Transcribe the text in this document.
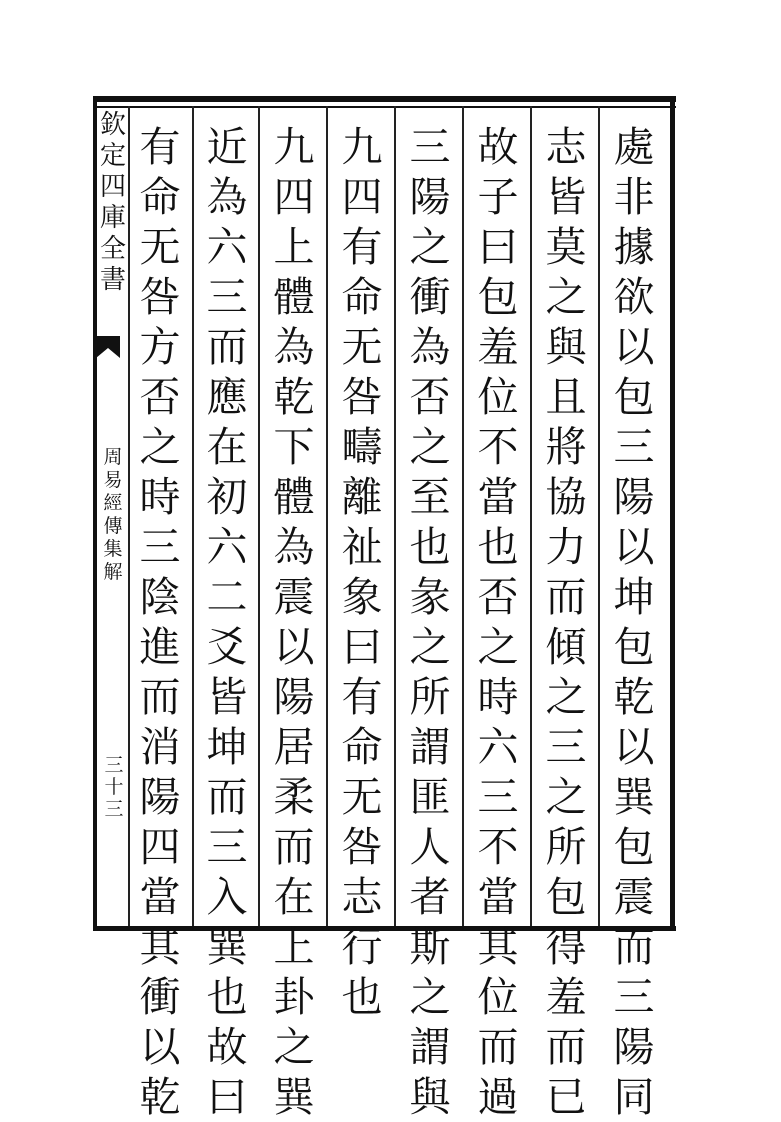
欽
定
四
庫
全
書
周
易
經
傳
集
解
三
十
三
處
非
據
欲
以
包
三
陽
以
坤
包
乾
以
巽
包
震
而
三
陽
同
志
皆
莫
之
與
且
將
協
力
而
傾
之
三
之
所
包
得
羞
而
已
故
子
曰
包
羞
位
不
當
也
否
之
時
六
三
不
當
其
位
而
過
三
陽
之
衝
為
否
之
至
也
彖
之
所
謂
匪
人
者
斯
之
謂
與
九
四
有
命
无
咎
疇
離
祉
象
曰
有
命
无
咎
志
行
也
九
四
上
體
為
乾
下
體
為
震
以
陽
居
柔
而
在
上
卦
之
巽
近
為
六
三
而
應
在
初
六
二
爻
皆
坤
而
三
入
巽
也
故
曰
有
命
无
咎
方
否
之
時
三
陰
進
而
消
陽
四
當
其
衝
以
乾
